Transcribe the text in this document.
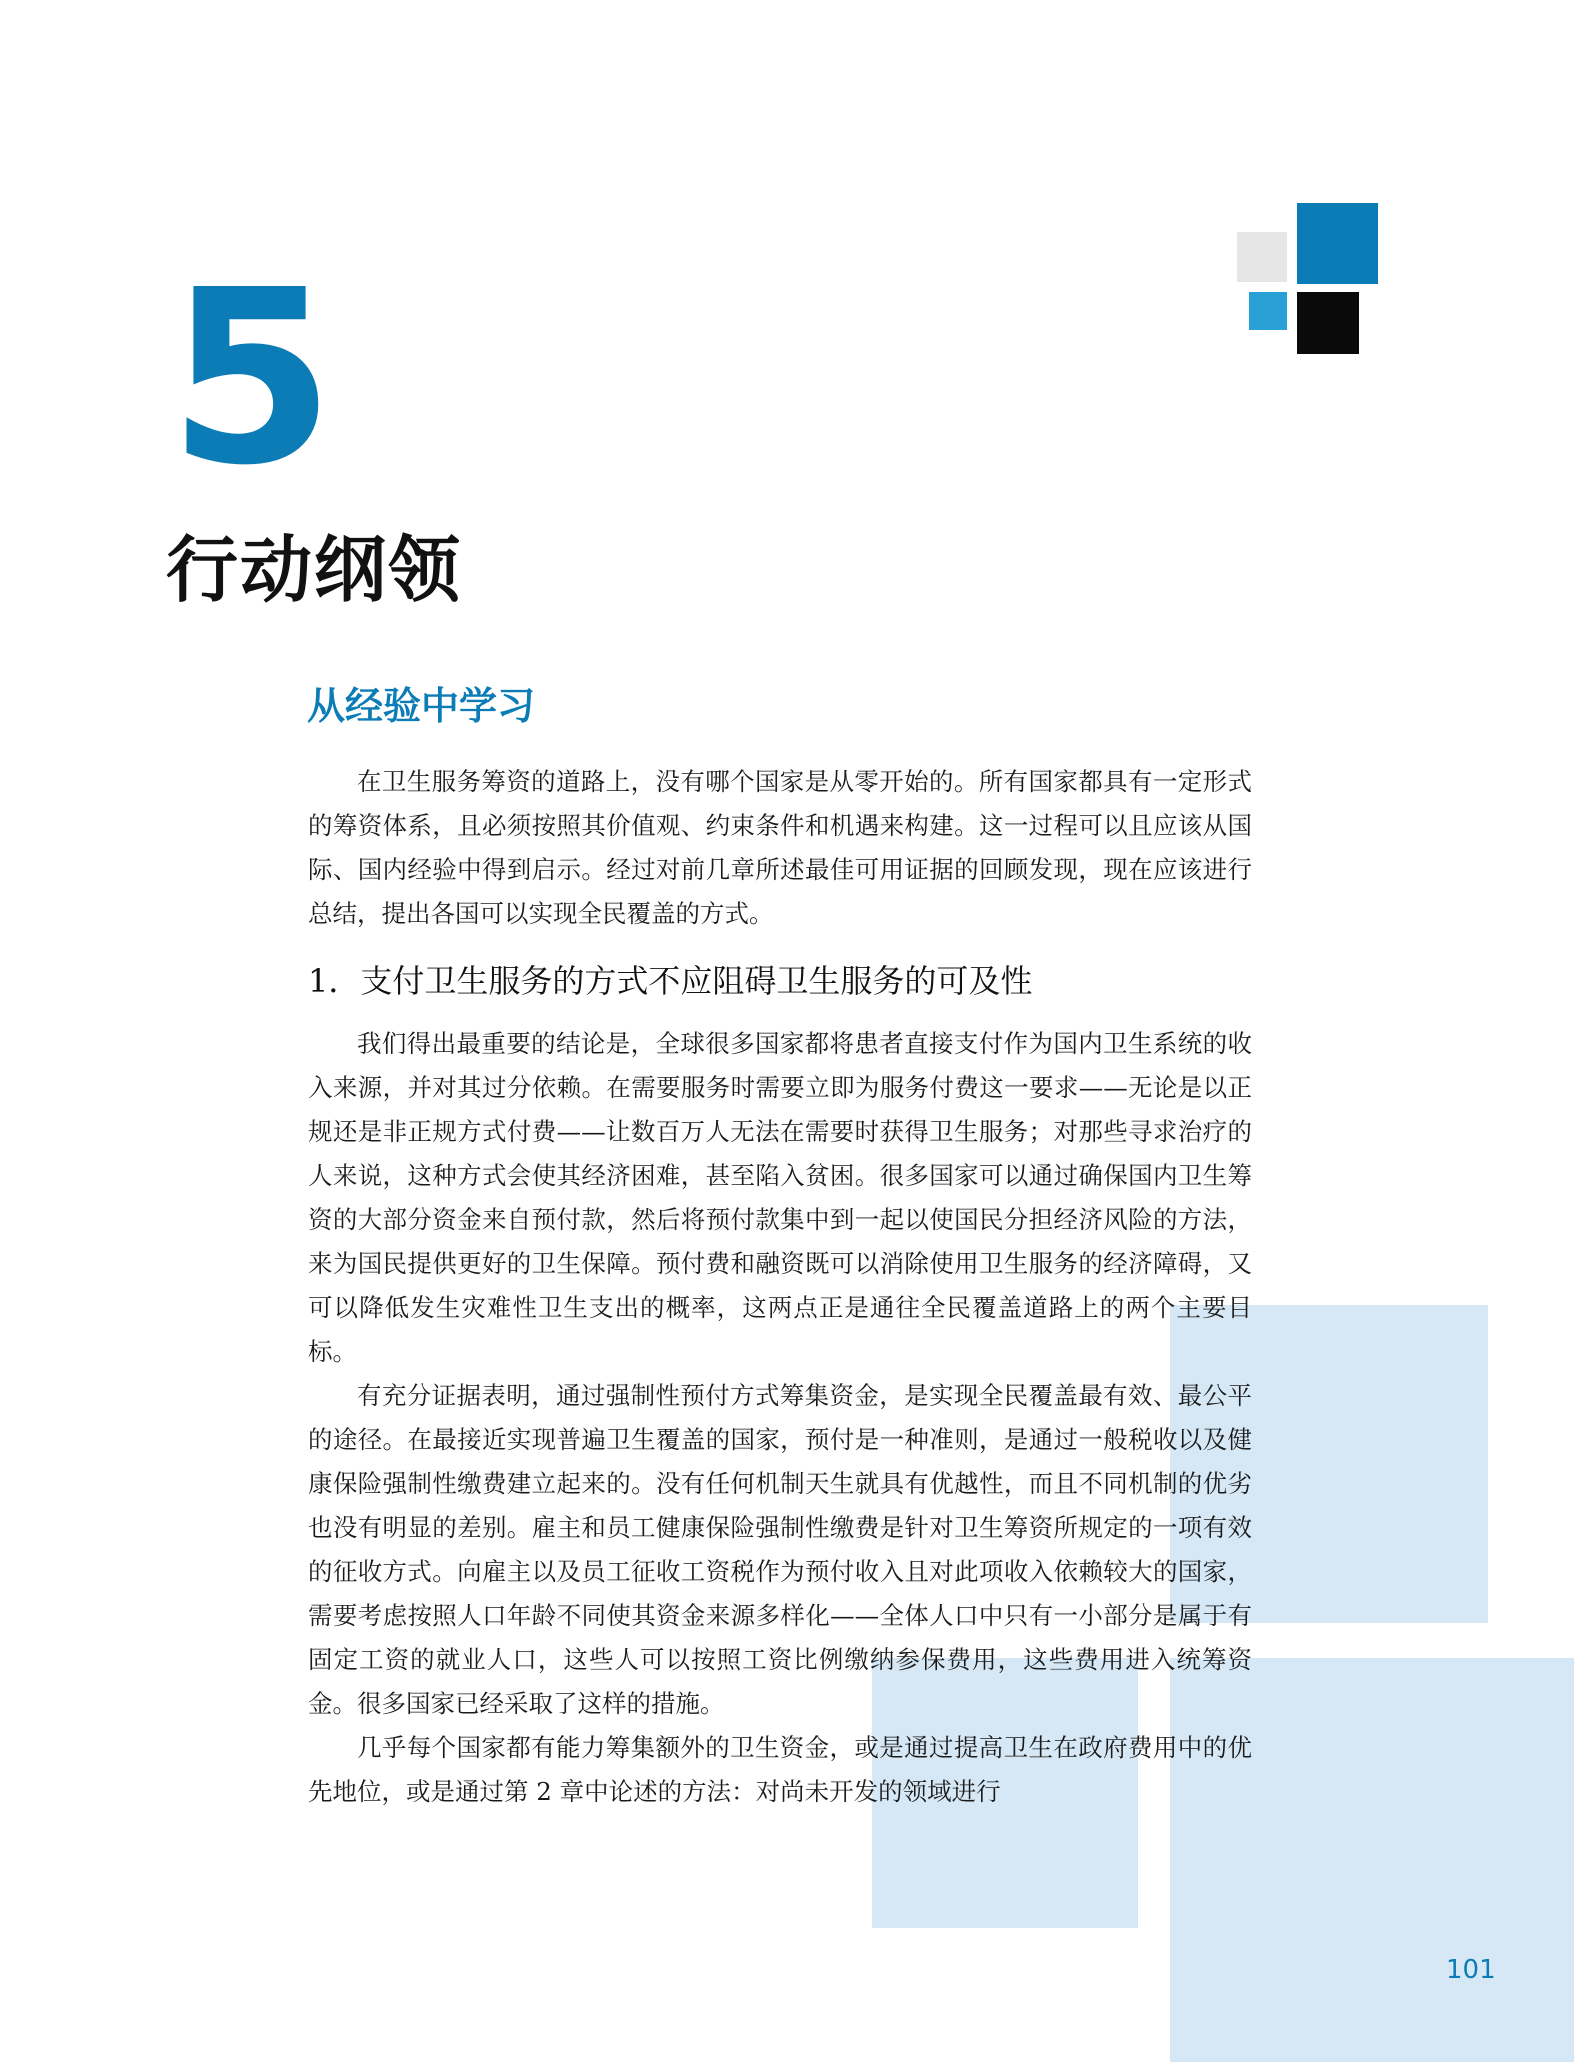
5
行动纲领
从经验中学习

在卫生服务筹资的道路上，没有哪个国家是从零开始的。所有国家都具有一定形式的筹资体系，且必须按照其价值观、约束条件和机遇来构建。这一过程可以且应该从国际、国内经验中得到启示。经过对前几章所述最佳可用证据的回顾发现，现在应该进行总结，提出各国可以实现全民覆盖的方式。

1．支付卫生服务的方式不应阻碍卫生服务的可及性

我们得出最重要的结论是，全球很多国家都将患者直接支付作为国内卫生系统的收入来源，并对其过分依赖。在需要服务时需要立即为服务付费这一要求——无论是以正规还是非正规方式付费——让数百万人无法在需要时获得卫生服务；对那些寻求治疗的人来说，这种方式会使其经济困难，甚至陷入贫困。很多国家可以通过确保国内卫生筹资的大部分资金来自预付款，然后将预付款集中到一起以使国民分担经济风险的方法，来为国民提供更好的卫生保障。预付费和融资既可以消除使用卫生服务的经济障碍，又可以降低发生灾难性卫生支出的概率，这两点正是通往全民覆盖道路上的两个主要目标。

有充分证据表明，通过强制性预付方式筹集资金，是实现全民覆盖最有效、最公平的途径。在最接近实现普遍卫生覆盖的国家，预付是一种准则，是通过一般税收以及健康保险强制性缴费建立起来的。没有任何机制天生就具有优越性，而且不同机制的优劣也没有明显的差别。雇主和员工健康保险强制性缴费是针对卫生筹资所规定的一项有效的征收方式。向雇主以及员工征收工资税作为预付收入且对此项收入依赖较大的国家，需要考虑按照人口年龄不同使其资金来源多样化——全体人口中只有一小部分是属于有固定工资的就业人口，这些人可以按照工资比例缴纳参保费用，这些费用进入统筹资金。很多国家已经采取了这样的措施。

几乎每个国家都有能力筹集额外的卫生资金，或是通过提高卫生在政府费用中的优先地位，或是通过第 2 章中论述的方法：对尚未开发的领域进行

101
